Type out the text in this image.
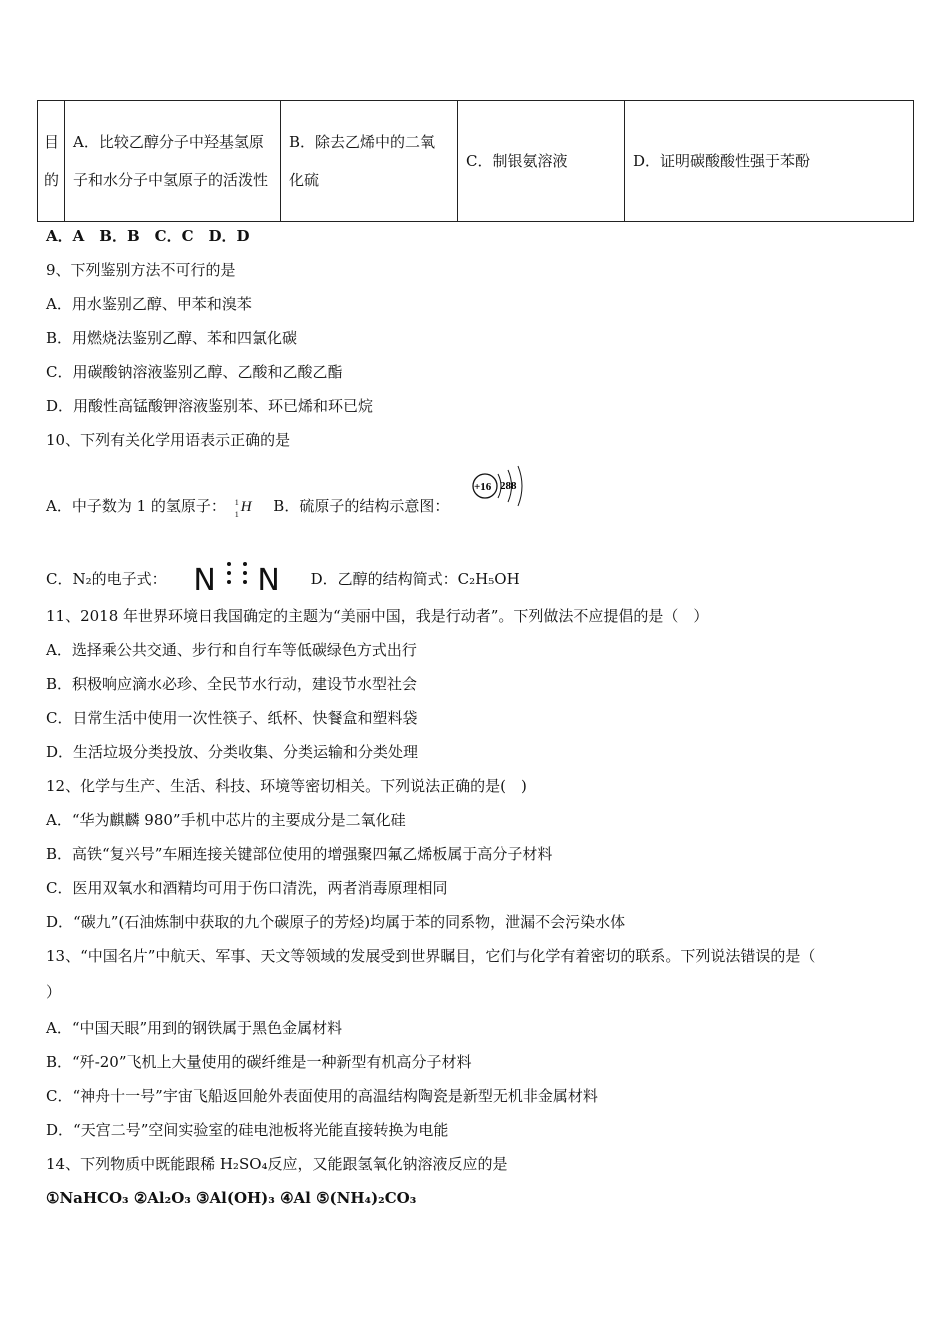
目的	A．比较乙醇分子中羟基氢原子和水分子中氢原子的活泼性	B．除去乙烯中的二氧化硫	C．制银氨溶液	D．证明碳酸酸性强于苯酚
A．A　B．B　C．C　D．D
9、下列鉴别方法不可行的是
A．用水鉴别乙醇、甲苯和溴苯
B．用燃烧法鉴别乙醇、苯和四氯化碳
C．用碳酸钠溶液鉴别乙醇、乙酸和乙酸乙酯
D．用酸性高锰酸钾溶液鉴别苯、环已烯和环已烷
10、下列有关化学用语表示正确的是
A．中子数为 1 的氢原子： 1
1 H B．硫原子的结构示意图：
+16 288
C．N₂的电子式： N N D．乙醇的结构简式：C₂H₅OH
11、2018 年世界环境日我国确定的主题为“美丽中国，我是行动者”。下列做法不应提倡的是（　）
A．选择乘公共交通、步行和自行车等低碳绿色方式出行
B．积极响应滴水必珍、全民节水行动，建设节水型社会
C．日常生活中使用一次性筷子、纸杯、快餐盒和塑料袋
D．生活垃圾分类投放、分类收集、分类运输和分类处理
12、化学与生产、生活、科技、环境等密切相关。下列说法正确的是(　)
A．“华为麒麟 980”手机中芯片的主要成分是二氧化硅
B．高铁“复兴号”车厢连接关键部位使用的增强聚四氟乙烯板属于高分子材料
C．医用双氧水和酒精均可用于伤口清洗，两者消毒原理相同
D．“碳九”(石油炼制中获取的九个碳原子的芳烃)均属于苯的同系物，泄漏不会污染水体
13、“中国名片”中航天、军事、天文等领域的发展受到世界瞩目，它们与化学有着密切的联系。下列说法错误的是（
）
A．“中国天眼”用到的钢铁属于黑色金属材料
B．“歼-20”飞机上大量使用的碳纤维是一种新型有机高分子材料
C．“神舟十一号”宇宙飞船返回舱外表面使用的高温结构陶瓷是新型无机非金属材料
D．“天宫二号”空间实验室的硅电池板将光能直接转换为电能
14、下列物质中既能跟稀 H₂SO₄反应，又能跟氢氧化钠溶液反应的是
①NaHCO₃ ②Al₂O₃ ③Al(OH)₃ ④Al ⑤(NH₄)₂CO₃
